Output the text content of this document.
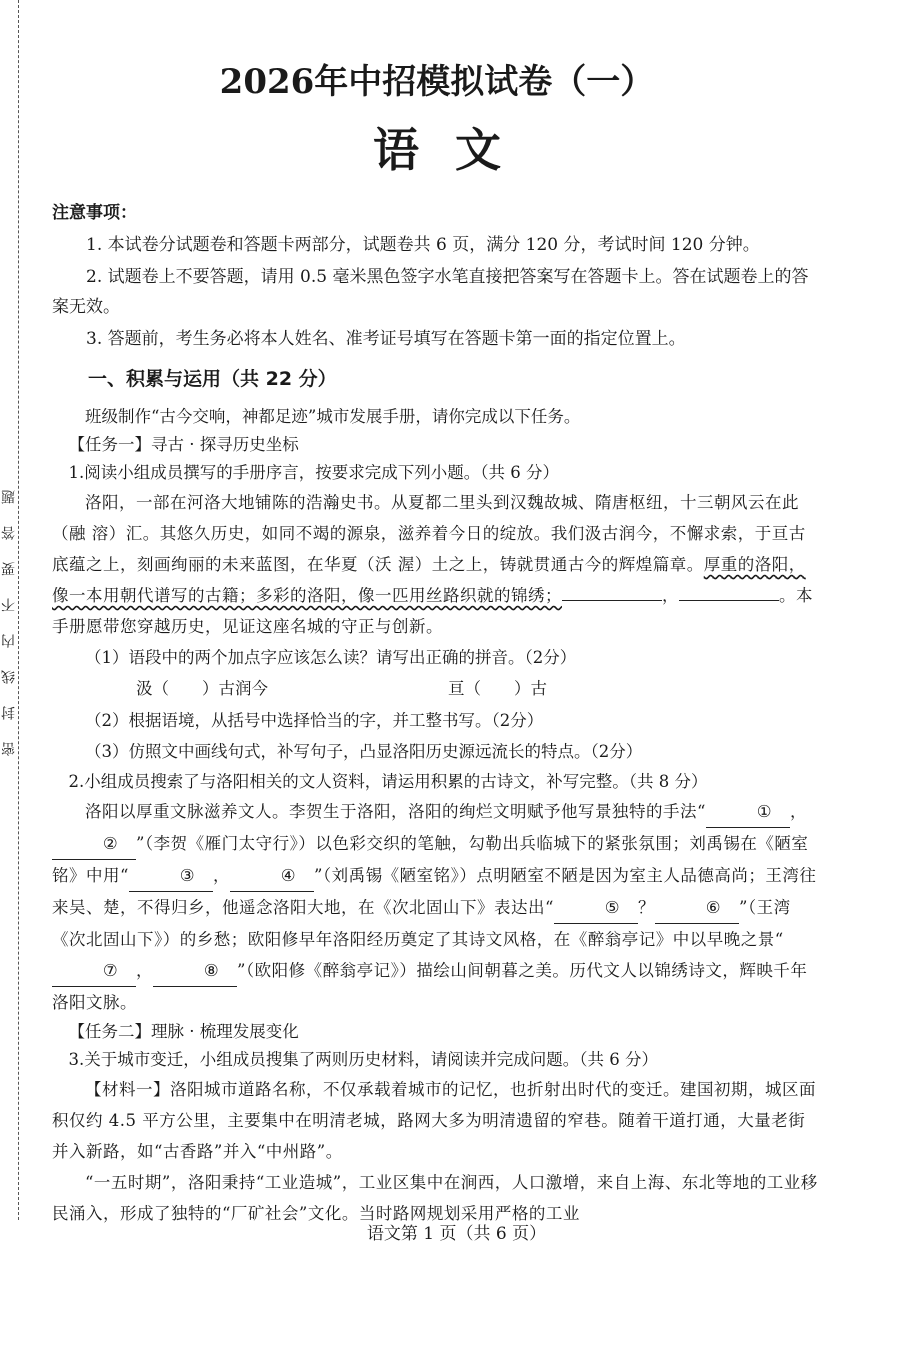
密封线内不要答题
2026年中招模拟试卷（一）
语文
注意事项：

1. 本试卷分试题卷和答题卡两部分，试题卷共 6 页，满分 120 分，考试时间 120 分钟。

2. 试题卷上不要答题，请用 0.5 毫米黑色签字水笔直接把答案写在答题卡上。答在试题卷上的答案无效。

3. 答题前，考生务必将本人姓名、准考证号填写在答题卡第一面的指定位置上。

一、积累与运用（共 22 分）

班级制作“古今交响，神都足迹”城市发展手册，请你完成以下任务。

【任务一】寻古 · 探寻历史坐标

1.阅读小组成员撰写的手册序言，按要求完成下列小题。（共 6 分）

洛阳，一部在河洛大地铺陈的浩瀚史书。从夏都二里头到汉魏故城、隋唐枢纽，十三朝风云在此（融 溶）汇。其悠久历史，如同不竭的源泉，滋养着今日的绽放。我们汲古润今，不懈求索，于亘古底蕴之上，刻画绚丽的未来蓝图，在华夏（沃 渥）土之上，铸就贯通古今的辉煌篇章。厚重的洛阳，像一本用朝代谱写的古籍；多彩的洛阳，像一匹用丝路织就的锦绣；	，	。本手册愿带您穿越历史，见证这座名城的守正与创新。

（1）语段中的两个加点字应该怎么读？请写出正确的拼音。（2分）

汲（　　）古润今	亘（　　）古

（2）根据语境，从括号中选择恰当的字，并工整书写。（2分）

（3）仿照文中画线句式，补写句子，凸显洛阳历史源远流长的特点。（2分）

2.小组成员搜索了与洛阳相关的文人资料，请运用积累的古诗文，补写完整。（共 8 分）

洛阳以厚重文脉滋养文人。李贺生于洛阳，洛阳的绚烂文明赋予他写景独特的手法“	① ，② ”（李贺《雁门太守行》）以色彩交织的笔触，勾勒出兵临城下的紧张氛围；刘禹锡在《陋室铭》中用“	③ ，	④ ”（刘禹锡《陋室铭》）点明陋室不陋是因为室主人品德高尚；王湾往来吴、楚，不得归乡，他遥念洛阳大地，在《次北固山下》表达出“	⑤ ？	⑥ ”（王湾《次北固山下》）的乡愁；欧阳修早年洛阳经历奠定了其诗文风格，在《醉翁亭记》中以早晚之景“⑦ ，	⑧ ”（欧阳修《醉翁亭记》）描绘山间朝暮之美。历代文人以锦绣诗文，辉映千年洛阳文脉。

【任务二】理脉 · 梳理发展变化

3.关于城市变迁，小组成员搜集了两则历史材料，请阅读并完成问题。（共 6 分）

【材料一】洛阳城市道路名称，不仅承载着城市的记忆，也折射出时代的变迁。建国初期，城区面积仅约 4.5 平方公里，主要集中在明清老城，路网大多为明清遗留的窄巷。随着干道打通，大量老街并入新路，如“古香路”并入“中州路”。

“一五时期”，洛阳秉持“工业造城”，工业区集中在涧西，人口激增，来自上海、东北等地的工业移民涌入，形成了独特的“厂矿社会”文化。当时路网规划采用严格的工业

语文第 1 页（共 6 页）
